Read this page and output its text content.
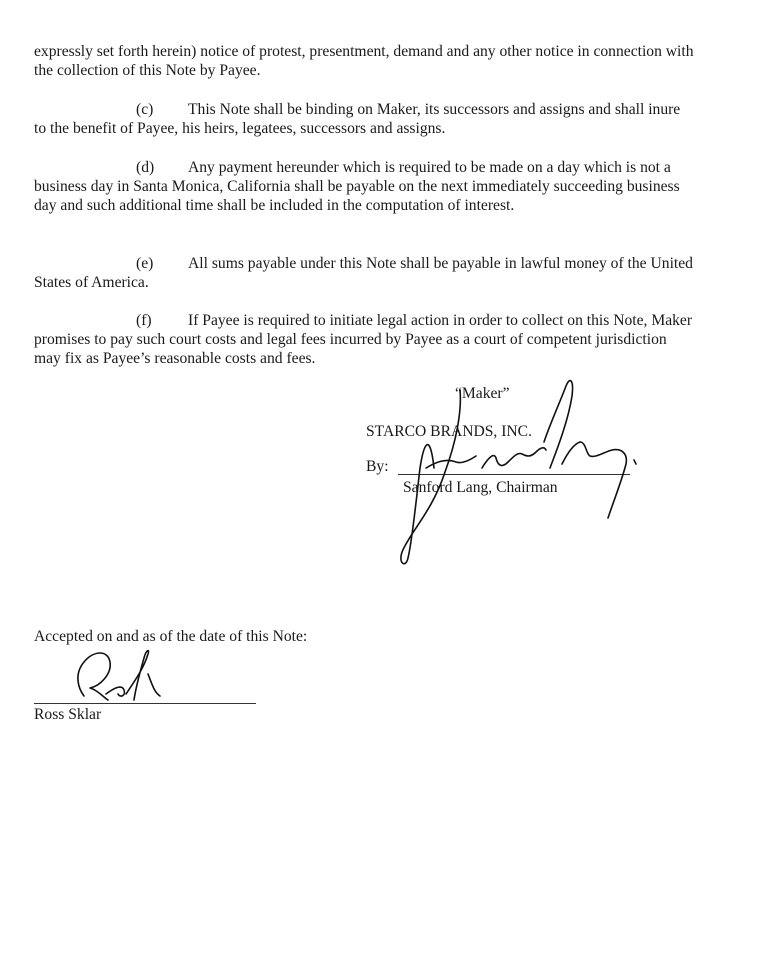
expressly set forth herein) notice of protest, presentment, demand and any other notice in connection with the collection of this Note by Payee.

(c) This Note shall be binding on Maker, its successors and assigns and shall inure to the benefit of Payee, his heirs, legatees, successors and assigns.

(d) Any payment hereunder which is required to be made on a day which is not a business day in Santa Monica, California shall be payable on the next immediately succeeding business day and such additional time shall be included in the computation of interest.

(e) All sums payable under this Note shall be payable in lawful money of the United States of America.

(f) If Payee is required to initiate legal action in order to collect on this Note, Maker promises to pay such court costs and legal fees incurred by Payee as a court of competent jurisdiction may fix as Payee’s reasonable costs and fees.

“Maker”
STARCO BRANDS, INC.
By:
Sanford Lang, Chairman
Accepted on and as of the date of this Note:
Ross Sklar
